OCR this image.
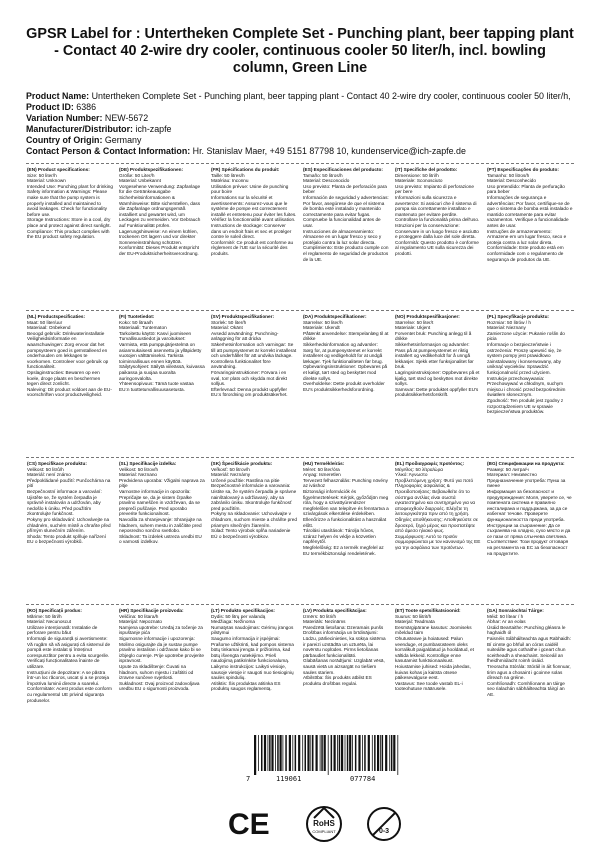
GPSR Label for : Untertheken Complete Set - Punching plant, beer tapping plant - Contact 40 2-wire dry cooler, continuous cooler 50 liter/h, incl. bowling column, Green Line
Product Name: Untertheken Complete Set - Punching plant, beer tapping plant - Contact 40 2-wire dry cooler, continuous cooler 50 liter/h,
Product ID: 6386
Variation Number: NEW-5672
Manufacturer/Distributor: ich-zapfe
Country of Origin: Germany
Contact Person & Contact Information: Hr. Stanislav Maer, +49 5151 87798 10, kundenservice@ich-zapfe.de
(EN) Product specifications:
Size: 50 liter/h
Material: Unknown
Intended Use: Punching plant for drinking
Safety information & Warnings: Please make sure that the pump system is properly installed and maintained to avoid leakages. Check for functionality before use.
Storage Instructions: Store in a cool, dry place and protect against direct sunlight.
Compliance: This product complies with the EU product safety regulation.
(DE) Produktspezifikationen:
Größe: 50 Liter/h
Material: Unbekannt
Vorgesehene Verwendung: Zapfanlage für die Getränkeausgabe
Sicherheitsinformationen & Warnhinweise: Bitte sicherstellen, dass die Zapfanlage ordnungsgemäß installiert und gewartet wird, um Leckagen zu vermeiden. Vor Gebrauch auf Funktionalität prüfen.
Lagerungshinweise: An einem kühlen, trockenen Ort lagern und vor direkter Sonneneinstrahlung schützen.
Konformität: Dieses Produkt entspricht der EU-Produktsicherheitsverordnung.
(FR) Spécifications du produit:
Taille: 50 litres/h
Matériau: Inconnu
Utilisation prévue: Usine de punching pour boire
Informations sur la sécurité et avertissements: Assurez-vous que le système de pompe est correctement installé et entretenu pour éviter les fuites. Vérifiez la fonctionnalité avant utilisation.
Instructions de stockage: Conserver dans un endroit frais et sec et protéger contre le soleil direct.
Conformité: Ce produit est conforme au règlement de l'UE sur la sécurité des produits.
(ES) Especificaciones del producto:
Tamaño: 50 litros/h
Material: Desconocido
Uso previsto: Planta de perforación para beber
Información de seguridad y advertencias: Por favor, asegúrese de que el sistema de bomba esté instalado y mantenido correctamente para evitar fugas. Compruebe la funcionalidad antes de usar.
Instrucciones de almacenamiento: Almacene en un lugar fresco y seco y protéjalo contra la luz solar directa.
Cumplimiento: Este producto cumple con el reglamento de seguridad de productos de la UE.
(IT) Specifiche del prodotto:
Dimensione: 50 litri/h
Materiale: Sconosciuto
Uso previsto: Impianto di perforazione per bere
Informazioni sulla sicurezza e avvertenze: Si assicuri che il sistema di pompa sia correttamente installato e mantenuto per evitare perdite. Controllare la funzionalità prima dell'uso.
Istruzioni per la conservazione: Conservare in un luogo fresco e asciutto e proteggere dalla luce del sole diretta.
Conformità: Questo prodotto è conforme al regolamento UE sulla sicurezza dei prodotti.
(PT) Especificações do produto:
Tamanho: 50 litros/h
Material: Desconhecido
Uso pretendido: Planta de perfuração para beber
Informações de segurança e advertências: Por favor, certifique-se de que o sistema de bomba está instalado e mantido corretamente para evitar vazamentos. Verifique a funcionalidade antes de usar.
Instruções de armazenamento: Armazene em um lugar fresco, seco e proteja contra a luz solar direta.
Conformidade: Este produto está em conformidade com o regulamento de segurança de produtos da UE.
(NL) Productspecificaties:
Maat: 50 liter/uur
Materiaal: Onbekend
Beoogd gebruik: Drinkwaterinstallatie
Veiligheidsinformatie en waarschuwingen: Zorg ervoor dat het pompsysteem goed is geïnstalleerd en onderhouden om lekkages te voorkomen. Controleer voor gebruik op functionaliteit.
Opslaginstructies: Bewaren op een koele, droge plaats en beschermen tegen direct zonlicht.
Naleving: Dit product voldoet aan de EU-voorschriften voor productveiligheid.
(FI) Tuotetiedot:
Koko: 50 litraa/h
Materiaali: Tuntematon
Tarkoitettu käyttö: Kasvi juomiseen
Turvallisuustiedot ja varoitukset: Varmista, että pumppujärjestelmä on asianmukaisesti asennettu ja ylläpidetty vuotojen välttämiseksi. Tarkista toiminnallisuus ennen käyttöä.
Säilytysohjeet: Säilytä viileässä, kuivassa paikassa ja suojaa suoralta auringonvalolta.
Yhteensopivuus: Tämä tuote vastaa EU:n tuotteturvallisuusasetusta.
(SV) Produktspecifikationer:
Storlek: 50 liter/h
Material: Okänt
Avsedd användning: Punchning-anläggning för att dricka
Säkerhetsinformation och varningar: Se till att pumpsystemet är korrekt installerat och underhållet för att undvika läckage. Kontrollera funktionalitet före användning.
Förvaringsinstruktioner: Förvara i en sval, torr plats och skydda mot direkt solljus.
Efterlevnad: Denna produkt uppfyller EU:s förordning om produktsäkerhet.
(DA) Produktspecifikationer:
Størrelse: 50 liter/h
Materiale: Ukendt
Påtænkt anvendelse: Stempelanlæg til at drikke
Sikkerhedsinformation og advarsler: Sørg for, at pumpesystemet er korrekt installeret og vedligeholdt for at undgå lækager. Tjek funktionaliteten før brug.
Opbevaringsinstruktioner: Opbevares på et køligt, tørt sted og beskyttet mod direkte sollys.
Overholdelse: Dette produkt overholder EU's produktsikkerhedsforordning.
(NO) Produktspesifikasjoner:
Størrelse: 50 liter/t
Materiale: Ukjent
Forventet bruk: Punching anlegg til å drikke
Sikkerhetsinformasjon og advarsler: Pass på at pumpesystemet er riktig installert og vedlikeholdt for å unngå lekkasjer. Sjekk etter funksjonalitet før bruk.
Lagringsinstruksjoner: Oppbevares på et kjølig, tørt sted og beskyttes mot direkte sollys.
Samsvar: Dette produktet oppfyller EU's produktsikkerhetsforskrift.
(PL) Specyfikacje produktu:
Rozmiar: 50 litrów / h
Materiał: Nieznany
Zamierzone użycie: Pukanie roślin do picia
Informacje o bezpieczeństwie i ostrzeżenia: Proszę upewnić się, że system pompy jest prawidłowo zainstalowany i konserwowany, aby uniknąć wycieków. Sprawdzić funkcjonalność przed użyciem.
Instrukcje przechowywania: Przechowywać w chłodnym, suchym miejscu i chronić przed bezpośrednim światłem słonecznym.
Zgodność: Ten produkt jest zgodny z rozporządzeniem UE w sprawie bezpieczeństwa produktów.
(CS) Specifikace produktu:
Velikost: 50 litrů/h
Materiál: není známo
Předpokládané použití: Punčochárna na pití
Bezpečnostní informace a varování: Ujistěte se, že systém čerpadla je správně instalován a udržován, aby nedošlo k úniku. Před použitím zkontrolujte funkčnost.
Pokyny pro skladování: Uchovávejte na chladném, suchém místě a chraňte před přímým slunečním zářením.
Shoda: Tento produkt splňuje nařízení EU o bezpečnosti výrobků.
(SL) Specifikacije izdelka:
Velikost: 50 litrov/h
Material: Neznano
Predvidena uporaba: Vžigalni naprava za pitje
Varnostne informacije in opozorila: Prepričajte se, da je sistem črpalke pravilno nameščen in vzdrževan, da se prepreči puščanje. Pred uporabo preverite funkcionalnost.
Navodila za shranjevanje: Shranjujte na hladnem, suhem mestu in zaščitite pred neposredno sončno svetlobo.
Skladnost: Ta izdelek ustreza uredbi EU o varnosti izdelkov.
(SK) Špecifikácie produktu:
Veľkosť: 50 litrov/h
Materiál: Neznámy
Určené použitie: Rastlina na pitie
Bezpečnostné informácie a varovania: Uistite sa, že systém čerpadla je správne nainštalovaný a udržiavaný, aby sa zabránilo úniku. Skontrolujte funkčnosť pred použitím.
Pokyny na skladovanie: Uchovávajte v chladnom, suchom mieste a chráňte pred priamym slnečným žiarením.
Súlad: Tento výrobok spĺňa nariadenie EÚ o bezpečnosti výrobkov.
(HU) Termékleírás:
Méret: 50 liter/óra
Anyag: Ismeretlen
Tervezett felhasználás: Punching növény az iváshoz
Biztonsági információk és figyelmeztetések: Kérjük, győződjön meg róla, hogy a szivattyúrendszer megfelelően van telepítve és fenntartva a szivárgások elkerülése érdekében. Ellenőrizze a funkcionalitást a használat előtt.
Tárolási utasítások: Tárolja hűvös, száraz helyen és védje a közvetlen napfénytől.
Megfelelőség: Ez a termék megfelel az EU termékbiztonsági rendeletének.
(EL) Προδιαγραφές προϊόντος:
Μέγεθος: 50 λίτρα/ώρα
Υλικό: Άγνωστο
Προβλεπόμενη χρήση: Φυτό για ποτό
Πληροφορίες ασφαλείας & Προειδοποιήσεις: Βεβαιωθείτε ότι το σύστημα αντλίας είναι σωστά εγκατεστημένο και συντηρημένο για να αποφευχθούν διαρροές. Ελέγξτε τη λειτουργικότητα πριν από τη χρήση.
Οδηγίες αποθήκευσης: Αποθηκεύστε σε δροσερό, ξηρό μέρος και προστατέψτε από άμεσο ηλιακό φως.
Συμμόρφωση: Αυτό το προϊόν συμμορφώνεται με τον κανονισμό της ΕΕ για την ασφάλεια των προϊόντων.
(BG) Спецификации на продукта:
Размер: 50 литра/ч
Материал: Неизвестно
Предназначение употреба: Пунш за пиене
Информация за безопасност и предупреждения: Моля, уверете се, че помпената система е правилно инсталирана и поддържана, за да се избегнат течове. Проверете функционалността преди употреба.
Инструкции за съхранение: Да се съхранява на хладно, сухо място и да се пази от пряка слънчева светлина.
Съответствие: Този продукт отговаря на регламента на ЕС за безопасност на продуктите.
(RO) Specificații produs:
Mărime: 50 litri/h
Material: Necunoscut
Utilizare intenționată: Instalatie de perforare pentru băut
Informații de siguranță și avertismente: Vă rugăm să vă asigurați că sistemul de pompă este instalat și întreținut corespunzător pentru a evita scurgerile. Verificați funcționalitatea înainte de utilizare.
Instrucțiuni de depozitare: A se păstra într-un loc răcoros, uscat și a se proteja împotriva luminii directe a soarelui.
Conformitate: Acest produs este conform cu regulamentul UE privind siguranța produselor.
(HR) Specifikacije proizvoda:
Veličina: 50 litara/h
Materijal: Nepoznato
Namjena upotrebe: Uređaj za točenje za ispuštanje pića
Sigurnosne informacije i upozorenja: Molimo osigurajte da je sustav pumpe pravilno instaliran i održavan kako bi se izbjeglo curenje. Prije upotrebe provjerite ispravnost.
Upute za skladištenje: Čuvati na hladnom, suhom mjestu i zaštititi od izravne sunčeve svjetlosti.
Sukladnost: Ovaj proizvod zadovoljava uredbu EU o sigurnosti proizvoda.
(LT) Produkto specifikacijos:
Dydis: 50 litrų per valandą
Medžiaga: Nežinoma
Numatytas naudojimas: Gėrimų įrangos pilstymui
Saugumo informacija ir įspėjimai: Prašome užtikrinti, kad pompos sistema būtų tinkamai įrengta ir prižiūrima, kad būtų išvengta nutekėjimo. Prieš naudojimą patikrinkite funkcionalumą.
Laikymo instrukcijos: Laikyti vėsioje, sausoje vietoje ir saugoti nuo tiesioginių saulės spindulių.
Atitiktis: Šis produktas atitinka ES produktų saugos reglamentą.
(LV) Produkta specifikācijas:
Izmērs: 50 litri/h
Materiāls: Nezināms
Paredzētā lietošana: Dzeramais punšs
Drošības informācija un brīdinājumi: Lūdzu, pārliecinieties, ka sūkņa sistēma ir pareizi uzstādīta un uzturēta, lai novērstu noplūdes. Pirms lietošanas pārbaudiet funkcionalitāti.
Glabāšanas norādījumi: Uzglabāt vēsā, sausā vietā un aizsargāt no tiešiem saules stariem.
Atbilstība: Šis produkts atbilst ES produktu drošības regulai.
(ET) Toote spetsifikatsioonid:
Suurus: 50 liitrit/h
Materjal: Teadmata
Eesmärgipärane kasutus: Joomiseks mõeldud taim
Ohutusteave ja hoiatused: Palun veenduge, et pumbasüsteem oleks korralikult paigaldatud ja hooldatud, et vältida lekkeid. Kontrollige enne kasutamist funktsionaalsust.
Hoiustamise juhised: Hoida jahedas, kuivas kohas ja kaitsta otsese päikesevalguse eest.
Vastavus: See toode vastab EL-i tooteohutuse määrusele.
(GA) Sonraíochtaí Táirge:
Méid: 50 lítear / h
Ábhar: Ar an eolas
Úsáid Beartaithe: Punching gléasra le haghaidh ól
Faisnéis Sábháilteachta agus Rabhaidh: Bí cinnte go bhfuil an córas caidéil suiteáilte agus cothaithe i gceart chun sceitheadh a sheachaint. Seiceáil an fheidhmiúlacht roimh úsáid.
Treoracha Stórála: Stóráil in áit fionnuar, tirim agus a chosaint i gcoinne solas díreach na gréine.
Comhlíonadh: Comhlíonann an táirge seo rialachán sábháilteachta táirgí an AE.
7	119061	077784
CE	RoHS
COMPLIANT	0-3
